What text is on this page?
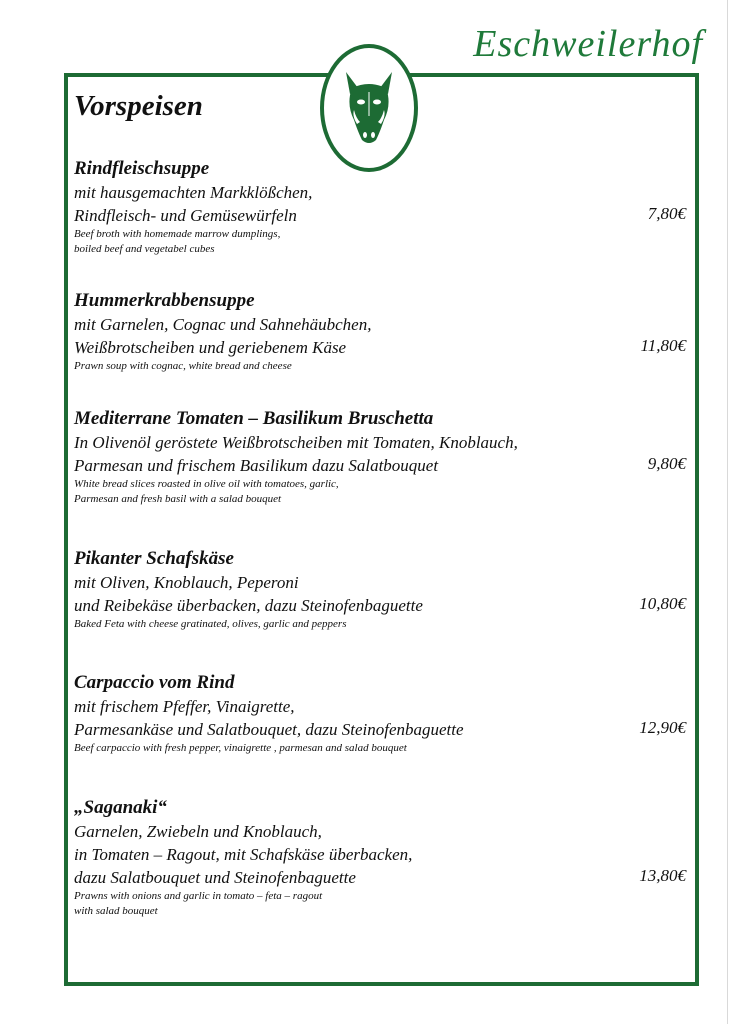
Eschweilerhof
Vorspeisen
Rindfleischsuppe
mit hausgemachten Markklößchen,
Rindfleisch- und Gemüsewürfeln
Beef broth with homemade marrow dumplings,
boiled beef and vegetabel cubes
7,80€
Hummerkrabbensuppe
mit Garnelen, Cognac und Sahnehäubchen,
Weißbrotscheiben und geriebenem Käse
Prawn soup with cognac, white bread and cheese
11,80€
Mediterrane Tomaten – Basilikum Bruschetta
In Olivenöl geröstete Weißbrotscheiben mit Tomaten, Knoblauch,
Parmesan und frischem Basilikum dazu Salatbouquet
White bread slices roasted in olive oil with tomatoes, garlic,
Parmesan and fresh basil with a salad bouquet
9,80€
Pikanter Schafskäse
mit Oliven, Knoblauch, Peperoni
und Reibekäse überbacken, dazu Steinofenbaguette
Baked Feta with cheese gratinated, olives, garlic and peppers
10,80€
Carpaccio vom Rind
mit frischem Pfeffer, Vinaigrette,
Parmesankäse und Salatbouquet, dazu Steinofenbaguette
Beef carpaccio with fresh pepper, vinaigrette , parmesan and salad bouquet
12,90€
„Saganaki“
Garnelen, Zwiebeln und Knoblauch,
in Tomaten – Ragout, mit Schafskäse überbacken,
dazu Salatbouquet und Steinofenbaguette
Prawns with onions and garlic in tomato – feta – ragout
with salad bouquet
13,80€
